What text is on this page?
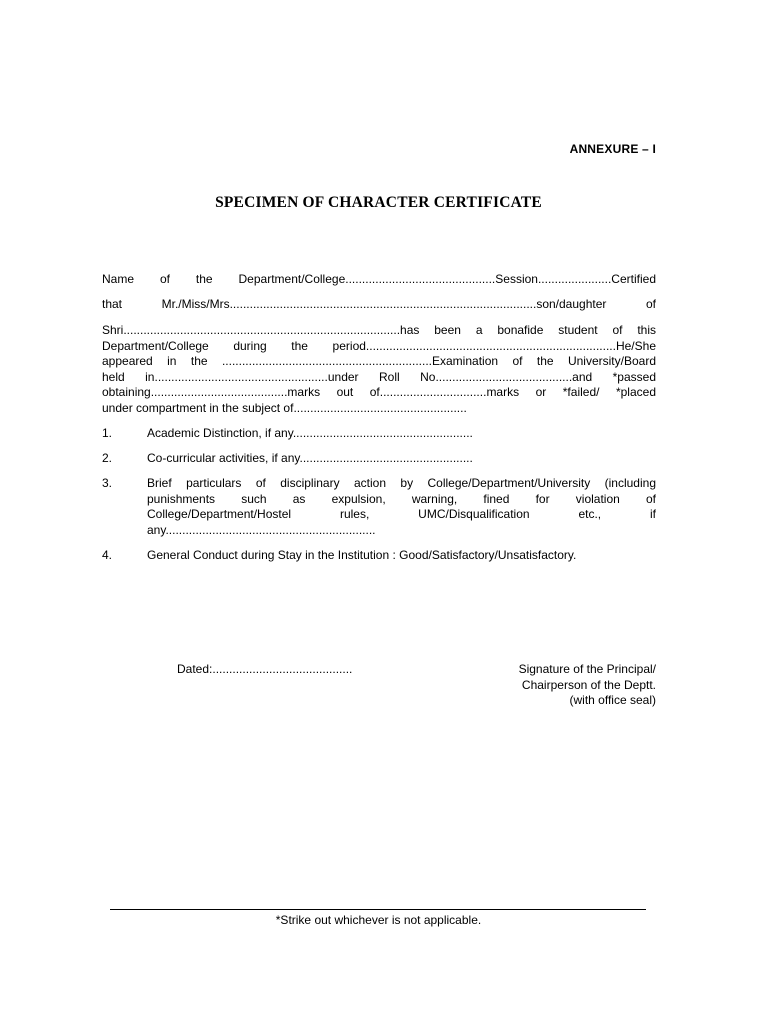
ANNEXURE – I
SPECIMEN OF CHARACTER CERTIFICATE
Name of the Department/College.............................................Session......................Certified
that Mr./Miss/Mrs............................................................................................son/daughter of
Shri...................................................................................has been a bonafide student of this
Department/College during the period...........................................................................He/She
appeared in the ...............................................................Examination of the University/Board
held in....................................................under Roll No.........................................and *passed
obtaining.........................................marks out of................................marks or *failed/ *placed
under compartment in the subject of....................................................
1.	Academic Distinction, if any......................................................
2.	Co-curricular activities, if any....................................................
3.	Brief particulars of disciplinary action by College/Department/University (including
punishments such as expulsion, warning, fined for violation of
College/Department/Hostel rules, UMC/Disqualification etc., if
any...............................................................
4.	General Conduct during Stay in the Institution : Good/Satisfactory/Unsatisfactory.
Dated:..........................................	Signature of the Principal/
Chairperson of the Deptt.
(with office seal)
*Strike out whichever is not applicable.
